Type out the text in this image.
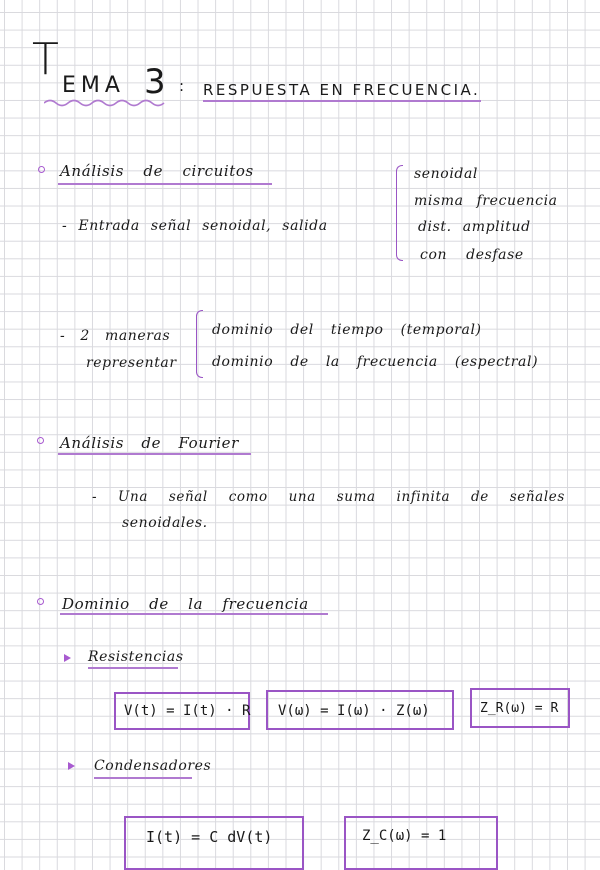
T
EMA 3 : RESPUESTA EN FRECUENCIA.
Análisis de circuitos
- Entrada señal senoidal, salida
senoidal
misma frecuencia
dist. amplitud
con desfase
- 2 maneras
representar
dominio del tiempo (temporal)
dominio de la frecuencia (espectral)
Análisis de Fourier
- Una señal como una suma infinita de señales
senoidales.
Dominio de la frecuencia
Resistencias
V(t) = I(t) · R V(ω) = I(ω) · Z(ω)	Z_R(ω) = R
Condensadores
I(t) = C dV(t)	Z_C(ω) = 1
